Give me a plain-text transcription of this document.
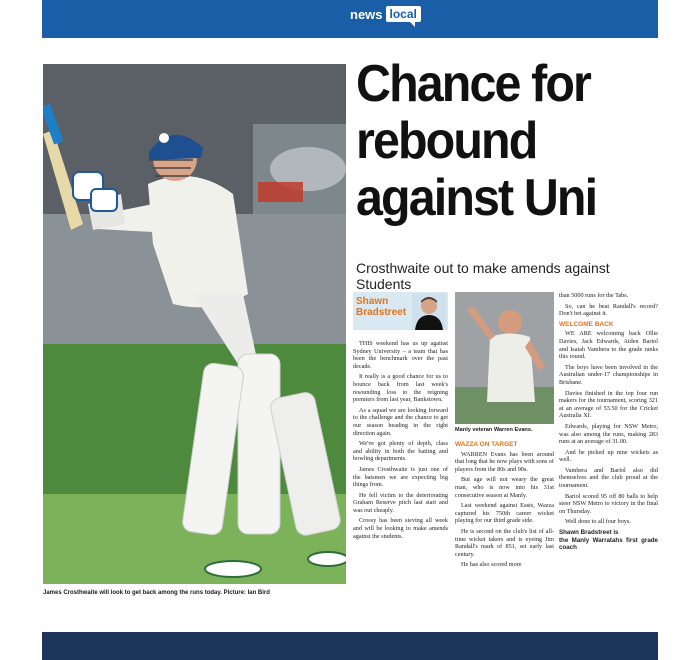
news local
James Crosthwaite will look to get back among the runs today. Picture: Ian Bird
Chance for rebound against Uni
Crosthwaite out to make amends against Students
Shawn Bradstreet

THIS weekend has us up against Sydney University – a team that has been the benchmark over the past decade.

It really is a good chance for us to bounce back from last week's resounding loss to the reigning premiers from last year, Bankstown.

As a squad we are looking forward to the challenge and the chance to get our season heading in the right direction again.

We've got plenty of depth, class and ability in both the batting and bowling departments.

James Crosthwaite is just one of the batsmen we are expecting big things from.

He fell victim to the deteriorating Graham Reserve pitch last start and was out cheaply.

Crossy has been sieving all week and will be looking to make amends against the students.

Manly veteran Warren Evans.
WAZZA ON TARGET

WARREN Evans has been around that long that he now plays with sons of players from the 80s and 90s.

But age will not weary the great man, who is now into his 31st consecutive season at Manly.

Last weekend against Easts, Wazza captured his 750th career wicket playing for our third grade side.

He is second on the club's list of all-time wicket takers and is eyeing Jim Randall's mark of 851, set early last century.

He has also scored more

than 5000 runs for the Tabs.

So, can he beat Randall's record? Don't bet against it.

WELCOME BACK

WE ARE welcoming back Ollie Davies, Jack Edwards, Aiden Bariol and Isaiah Vambera to the grade ranks this round.

The boys have been involved in the Australian under-17 championships in Brisbane.

Davies finished in the top four run makers for the tournament, scoring 321 at an average of 53.50 for the Cricket Australia XI.

Edwards, playing for NSW Metro, was also among the runs, making 283 runs at an average of 31.00.

And he picked up nine wickets as well.

Vambera and Bariol also did themselves and the club proud at the tournament.

Bariol scored 95 off 80 balls to help steer NSW Metro to victory in the final on Thursday.

Well done to all four boys.

Shawn Bradstreet is
the Manly Warratahs first grade coach
